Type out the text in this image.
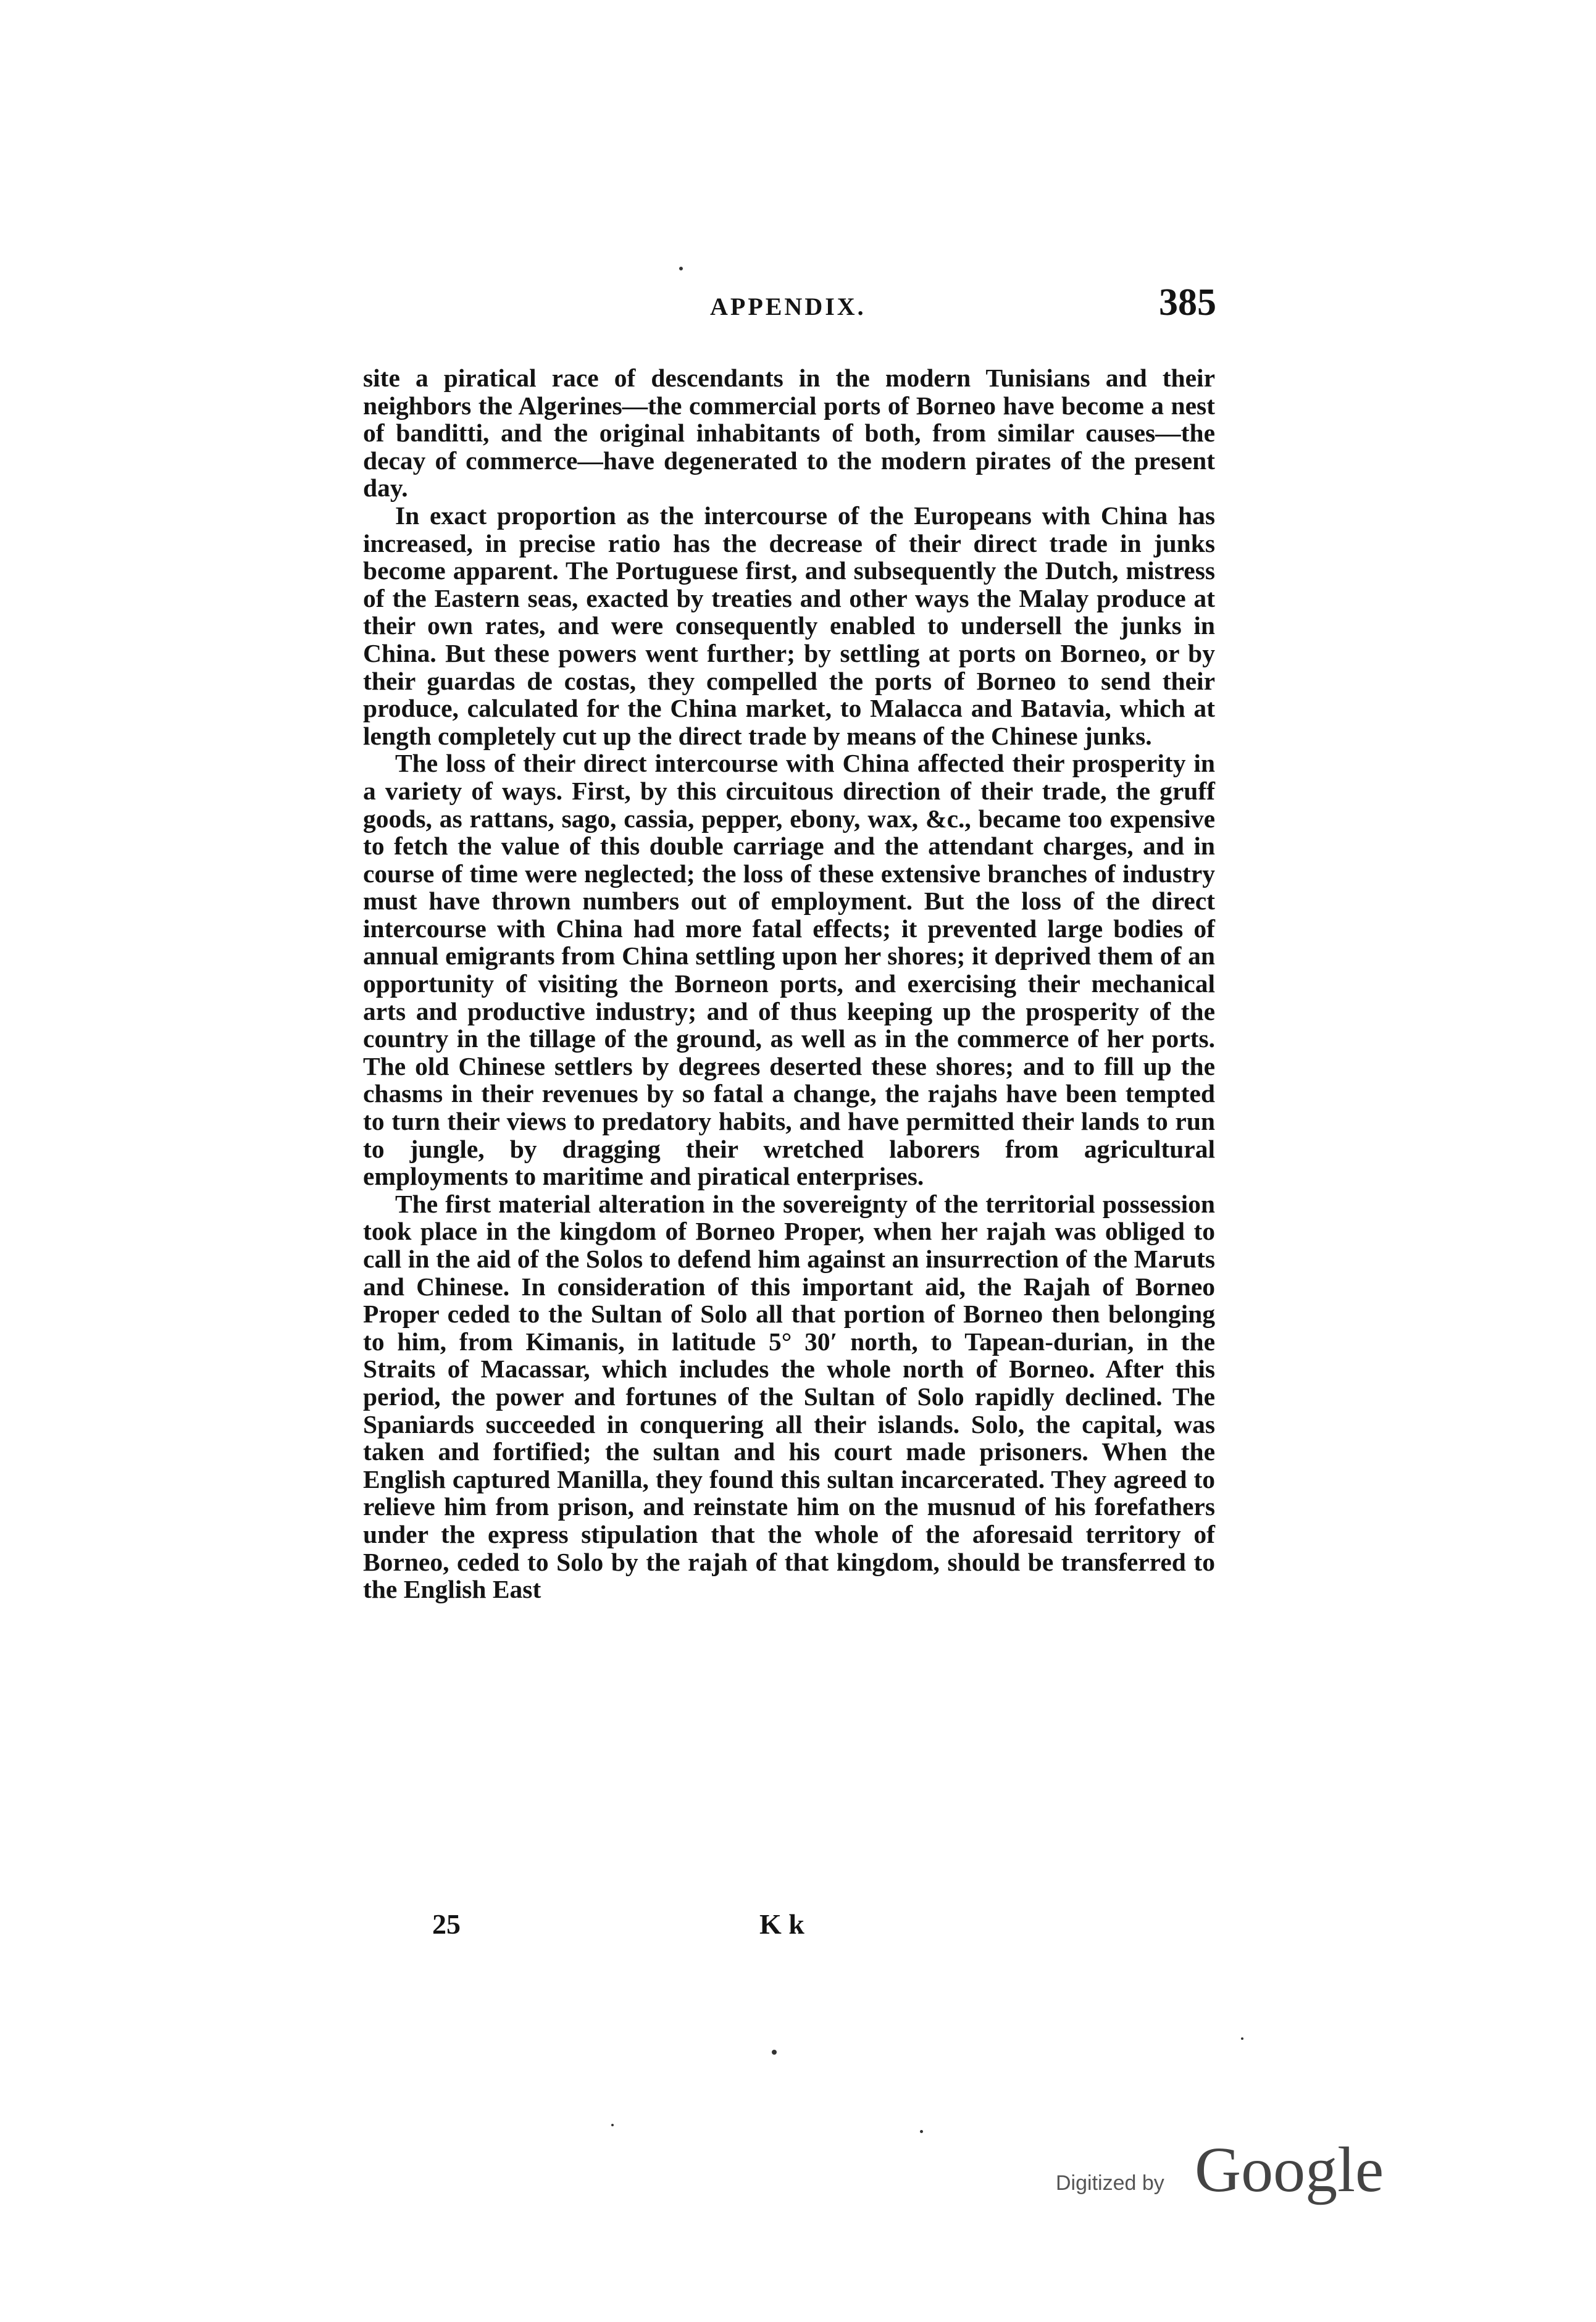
APPENDIX.	385

site a piratical race of descendants in the modern Tunisians and their neighbors the Algerines—the commercial ports of Borneo have become a nest of banditti, and the original inhabitants of both, from similar causes—the decay of commerce—have degenerated to the modern pirates of the present day.

In exact proportion as the intercourse of the Europeans with China has increased, in precise ratio has the decrease of their direct trade in junks become apparent. The Portuguese first, and subsequently the Dutch, mistress of the Eastern seas, exacted by treaties and other ways the Malay produce at their own rates, and were consequently enabled to undersell the junks in China. But these powers went further; by settling at ports on Borneo, or by their guardas de costas, they compelled the ports of Borneo to send their produce, calculated for the China market, to Malacca and Batavia, which at length completely cut up the direct trade by means of the Chinese junks.

The loss of their direct intercourse with China affected their prosperity in a variety of ways. First, by this circuitous direction of their trade, the gruff goods, as rattans, sago, cassia, pepper, ebony, wax, &c., became too expensive to fetch the value of this double carriage and the attendant charges, and in course of time were neglected; the loss of these extensive branches of industry must have thrown numbers out of employment. But the loss of the direct intercourse with China had more fatal effects; it prevented large bodies of annual emigrants from China settling upon her shores; it deprived them of an opportunity of visiting the Borneon ports, and exercising their mechanical arts and productive industry; and of thus keeping up the prosperity of the country in the tillage of the ground, as well as in the commerce of her ports. The old Chinese settlers by degrees deserted these shores; and to fill up the chasms in their revenues by so fatal a change, the rajahs have been tempted to turn their views to predatory habits, and have permitted their lands to run to jungle, by dragging their wretched laborers from agricultural employments to maritime and piratical enterprises.

The first material alteration in the sovereignty of the territorial possession took place in the kingdom of Borneo Proper, when her rajah was obliged to call in the aid of the Solos to defend him against an insurrection of the Maruts and Chinese. In consideration of this important aid, the Rajah of Borneo Proper ceded to the Sultan of Solo all that portion of Borneo then belonging to him, from Kimanis, in latitude 5° 30′ north, to Tapean-durian, in the Straits of Macassar, which includes the whole north of Borneo. After this period, the power and fortunes of the Sultan of Solo rapidly declined. The Spaniards succeeded in conquering all their islands. Solo, the capital, was taken and fortified; the sultan and his court made prisoners. When the English captured Manilla, they found this sultan incarcerated. They agreed to relieve him from prison, and reinstate him on the musnud of his forefathers under the express stipulation that the whole of the aforesaid territory of Borneo, ceded to Solo by the rajah of that kingdom, should be transferred to the English East

25	K k
Digitized by Google
